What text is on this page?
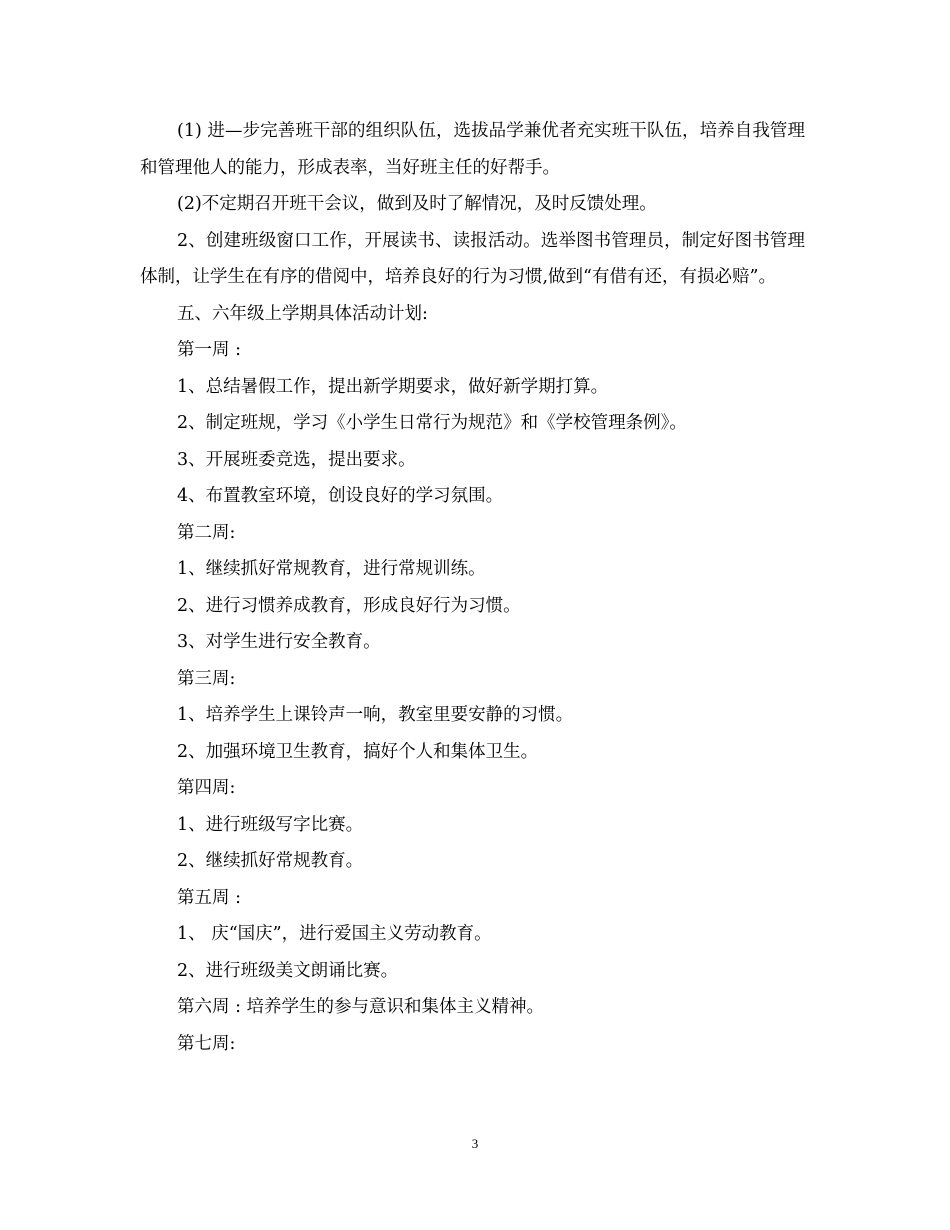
(1) 进—步完善班干部的组织队伍，选拔品学兼优者充实班干队伍，培养自我管理和管理他人的能力，形成表率，当好班主任的好帮手。

(2)不定期召开班干会议，做到及时了解情况，及时反馈处理。

2、创建班级窗口工作，开展读书、读报活动。选举图书管理员，制定好图书管理体制，让学生在有序的借阅中，培养良好的行为习惯,做到“有借有还，有损必赔”。

五、六年级上学期具体活动计划:

第一周 :

1、总结暑假工作，提出新学期要求，做好新学期打算。

2、制定班规，学习《小学生日常行为规范》和《学校管理条例》。

3、开展班委竞选，提出要求。

4、布置教室环境，创设良好的学习氛围。

第二周:

1、继续抓好常规教育，进行常规训练。

2、进行习惯养成教育，形成良好行为习惯。

3、对学生进行安全教育。

第三周:

1、培养学生上课铃声一响，教室里要安静的习惯。

2、加强环境卫生教育，搞好个人和集体卫生。

第四周:

1、进行班级写字比赛。

2、继续抓好常规教育。

第五周 :

1、 庆“国庆”，进行爱国主义劳动教育。

2、进行班级美文朗诵比赛。

第六周 : 培养学生的参与意识和集体主义精神。

第七周:

3
